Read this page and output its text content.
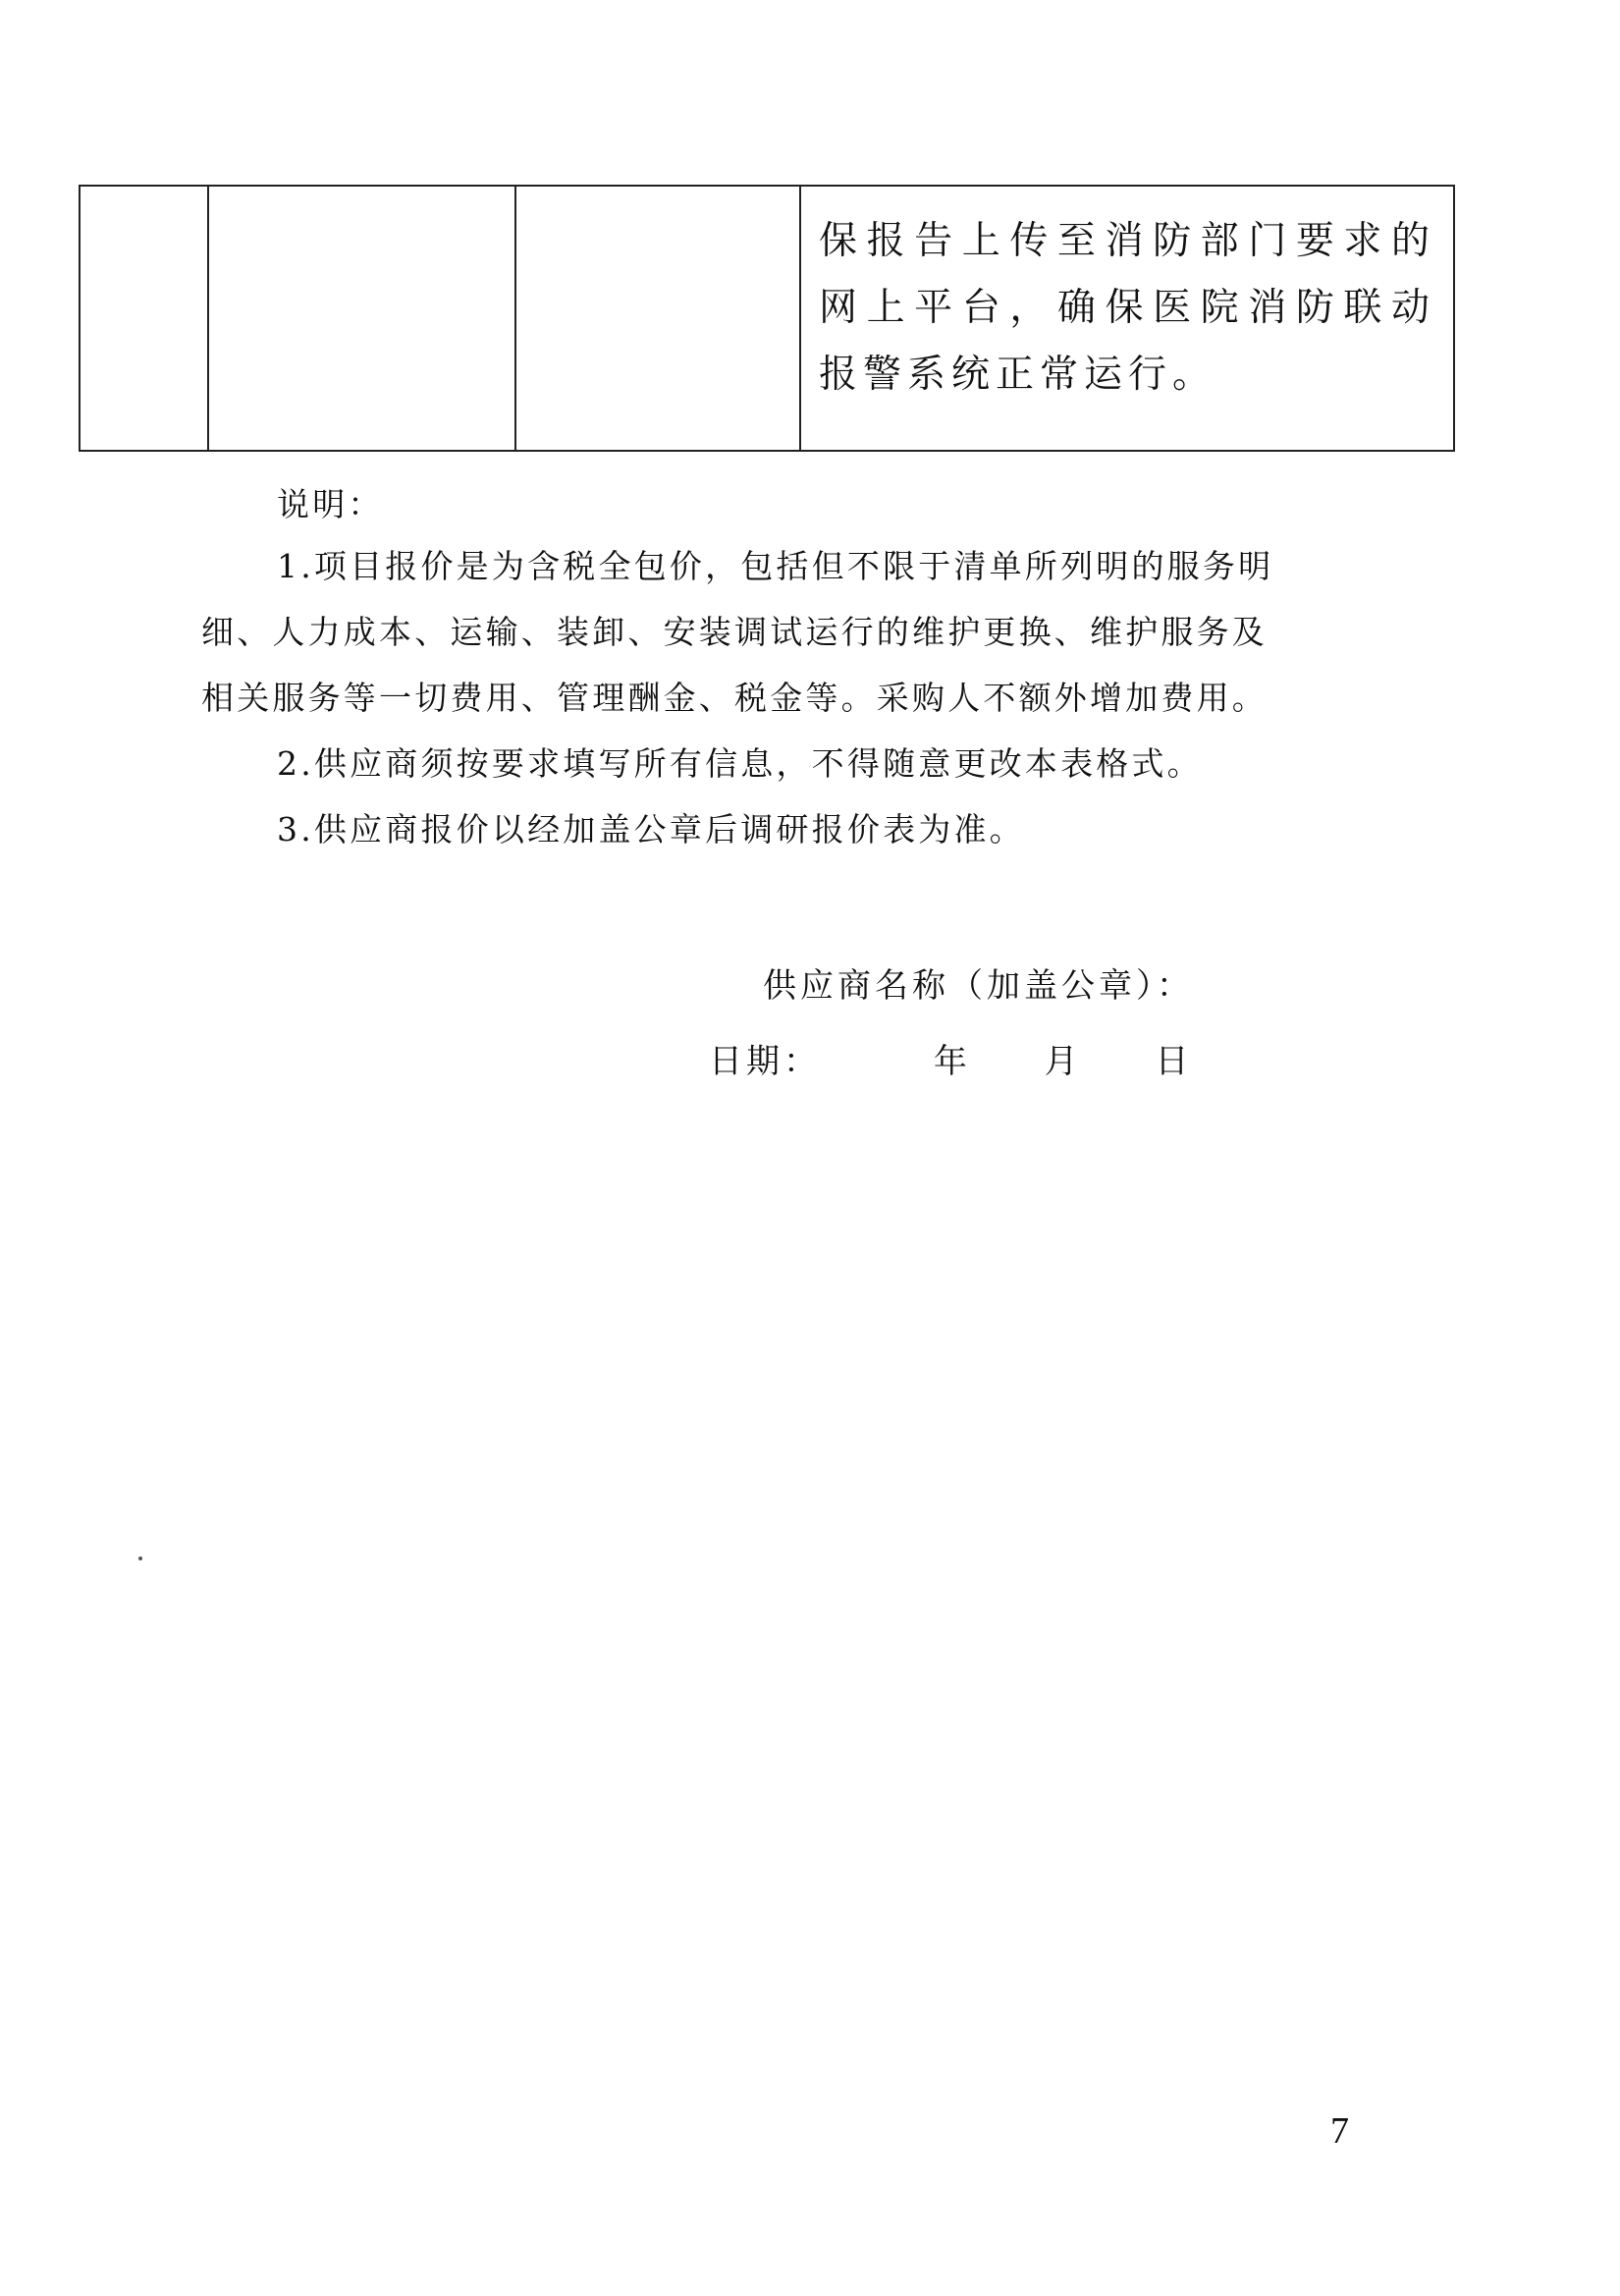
保报告上传至消防部门要求的网上平台，确保医院消防联动报警系统正常运行。
说明：
1.项目报价是为含税全包价，包括但不限于清单所列明的服务明
细、人力成本、运输、装卸、安装调试运行的维护更换、维护服务及
相关服务等一切费用、管理酬金、税金等。采购人不额外增加费用。
2.供应商须按要求填写所有信息，不得随意更改本表格式。
3.供应商报价以经加盖公章后调研报价表为准。
供应商名称（加盖公章）：
日期：	年 月 日
7
